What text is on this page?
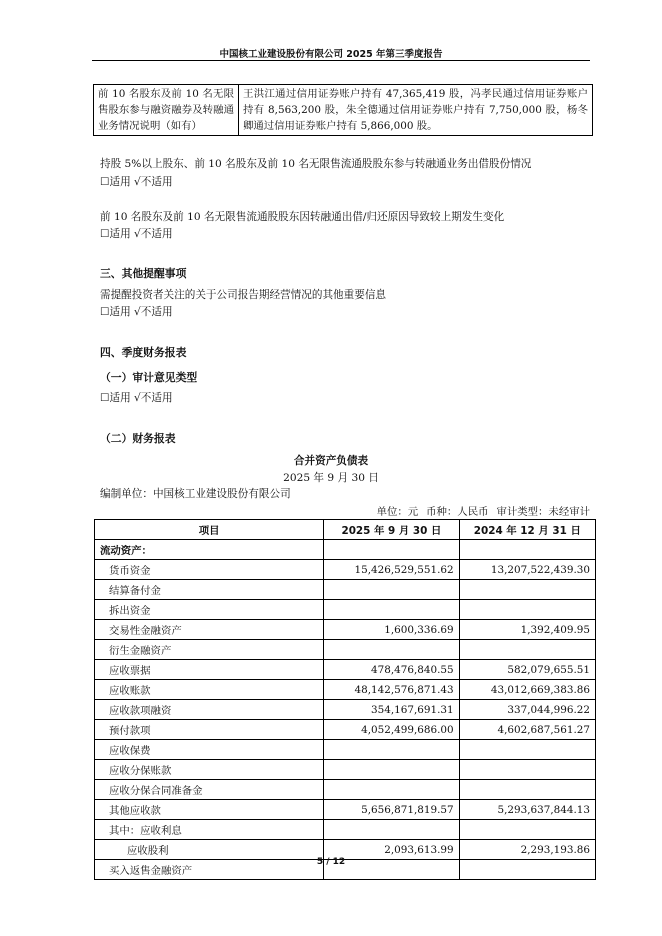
中国核工业建设股份有限公司 2025 年第三季度报告
前 10 名股东及前 10 名无限售股东参与融资融券及转融通业务情况说明（如有）	王洪江通过信用证券账户持有 47,365,419 股，冯孝民通过信用证券账户持有 8,563,200 股，朱全德通过信用证券账户持有 7,750,000 股，杨冬卿通过信用证券账户持有 5,866,000 股。
持股 5%以上股东、前 10 名股东及前 10 名无限售流通股股东参与转融通业务出借股份情况
☐适用 √不适用
前 10 名股东及前 10 名无限售流通股股东因转融通出借/归还原因导致较上期发生变化
☐适用 √不适用
三、其他提醒事项
需提醒投资者关注的关于公司报告期经营情况的其他重要信息
☐适用 √不适用
四、季度财务报表
（一）审计意见类型
☐适用 √不适用
（二）财务报表
合并资产负债表
2025 年 9 月 30 日
编制单位：中国核工业建设股份有限公司
单位：元 币种：人民币 审计类型：未经审计
项目	2025 年 9 月 30 日	2024 年 12 月 31 日
流动资产：		
货币资金	15,426,529,551.62	13,207,522,439.30
结算备付金		
拆出资金		
交易性金融资产	1,600,336.69	1,392,409.95
衍生金融资产		
应收票据	478,476,840.55	582,079,655.51
应收账款	48,142,576,871.43	43,012,669,383.86
应收款项融资	354,167,691.31	337,044,996.22
预付款项	4,052,499,686.00	4,602,687,561.27
应收保费		
应收分保账款		
应收分保合同准备金		
其他应收款	5,656,871,819.57	5,293,637,844.13
其中：应收利息		
应收股利	2,093,613.99	2,293,193.86
买入返售金融资产		
5 / 12
